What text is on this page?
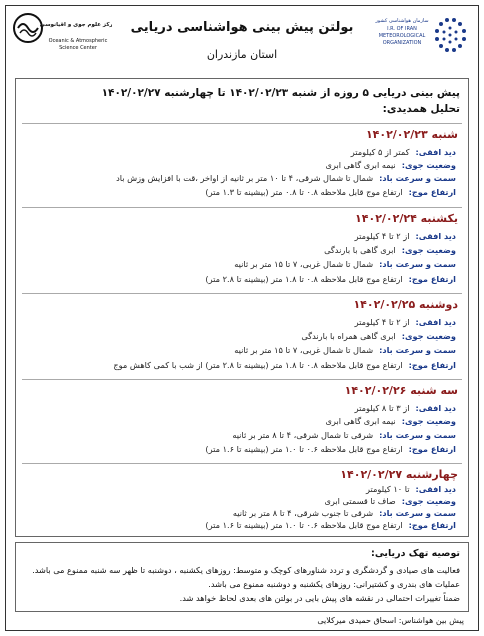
سازمان هواشناسی کشور
I.R. OF IRAN
METEOROLOGICAL
ORGANIZATION
بولتن پیش بینی هواشناسی دریایی
استان مازندران
مرکز علوم جوی و اقیانوسی
Oceanic & Atmospheric
Science Center
پیش بینی دریایی ۵ روزه از شنبه ۱۴۰۲/۰۲/۲۳ تا چهارشنبه ۱۴۰۲/۰۲/۲۷
تحلیل همدیدی:
شنبه ۱۴۰۲/۰۲/۲۳
دید افقی:کمتر از ۵ کیلومتر
وضعیت جوی:نیمه ابری گاهی ابری
سمت و سرعت باد:شمال تا شمال شرقی، ۴ تا ۱۰ متر بر ثانیه از اواخر ،قت با افزایش وزش باد
ارتفاع موج:ارتفاع موج قابل ملاحظه ۰.۸ تا ۰.۸ متر (بیشینه تا ۱.۳ متر)
یکشنبه ۱۴۰۲/۰۲/۲۴
دید افقی:از ۲ تا ۴ کیلومتر
وضعیت جوی:ابری گاهی با بارندگی
سمت و سرعت باد:شمال تا شمال غربی، ۷ تا ۱۵ متر بر ثانیه
ارتفاع موج:ارتفاع موج قابل ملاحظه ۰.۸ تا ۱.۸ متر (بیشینه تا ۲.۸ متر)
دوشنبه ۱۴۰۲/۰۲/۲۵
دید افقی:از ۲ تا ۴ کیلومتر
وضعیت جوی:ابری گاهی همراه با بارندگی
سمت و سرعت باد:شمال تا شمال غربی، ۷ تا ۱۵ متر بر ثانیه
ارتفاع موج:ارتفاع موج قابل ملاحظه ۰.۸ تا ۱.۸ متر (بیشینه تا ۲.۸ متر) از شب با کمی کاهش موج
سه شنبه ۱۴۰۲/۰۲/۲۶
دید افقی:از ۳ تا ۸ کیلومتر
وضعیت جوی:نیمه ابری گاهی ابری
سمت و سرعت باد:شرقی تا شمال شرقی، ۴ تا ۸ متر بر ثانیه
ارتفاع موج:ارتفاع موج قابل ملاحظه ۰.۶ تا ۱.۰ متر (بیشینه تا ۱.۶ متر)
چهارشنبه ۱۴۰۲/۰۲/۲۷
دید افقی:تا ۱۰ کیلومتر
وضعیت جوی:صاف تا قسمتی ابری
سمت و سرعت باد:شرقی تا جنوب شرقی، ۴ تا ۸ متر بر ثانیه
ارتفاع موج:ارتفاع موج قابل ملاحظه ۰.۶ تا ۱.۰ متر (بیشینه تا ۱.۶ متر)
توصیه تهک دریایی:
فعالیت های صیادی و گردشگری و تردد شناورهای کوچک و متوسط: روزهای یکشنبه ، دوشنبه تا ظهر سه شنبه ممنوع می باشد.
عملیات های بندری و کشتیرانی: روزهای یکشنبه و دوشنبه ممنوع می باشد.
ضمناً تغییرات احتمالی در نقشه های پیش بایی در بولتن های بعدی لحاظ خواهد شد.
پیش بین هواشناس: اسحاق حمیدی میرکلایی
